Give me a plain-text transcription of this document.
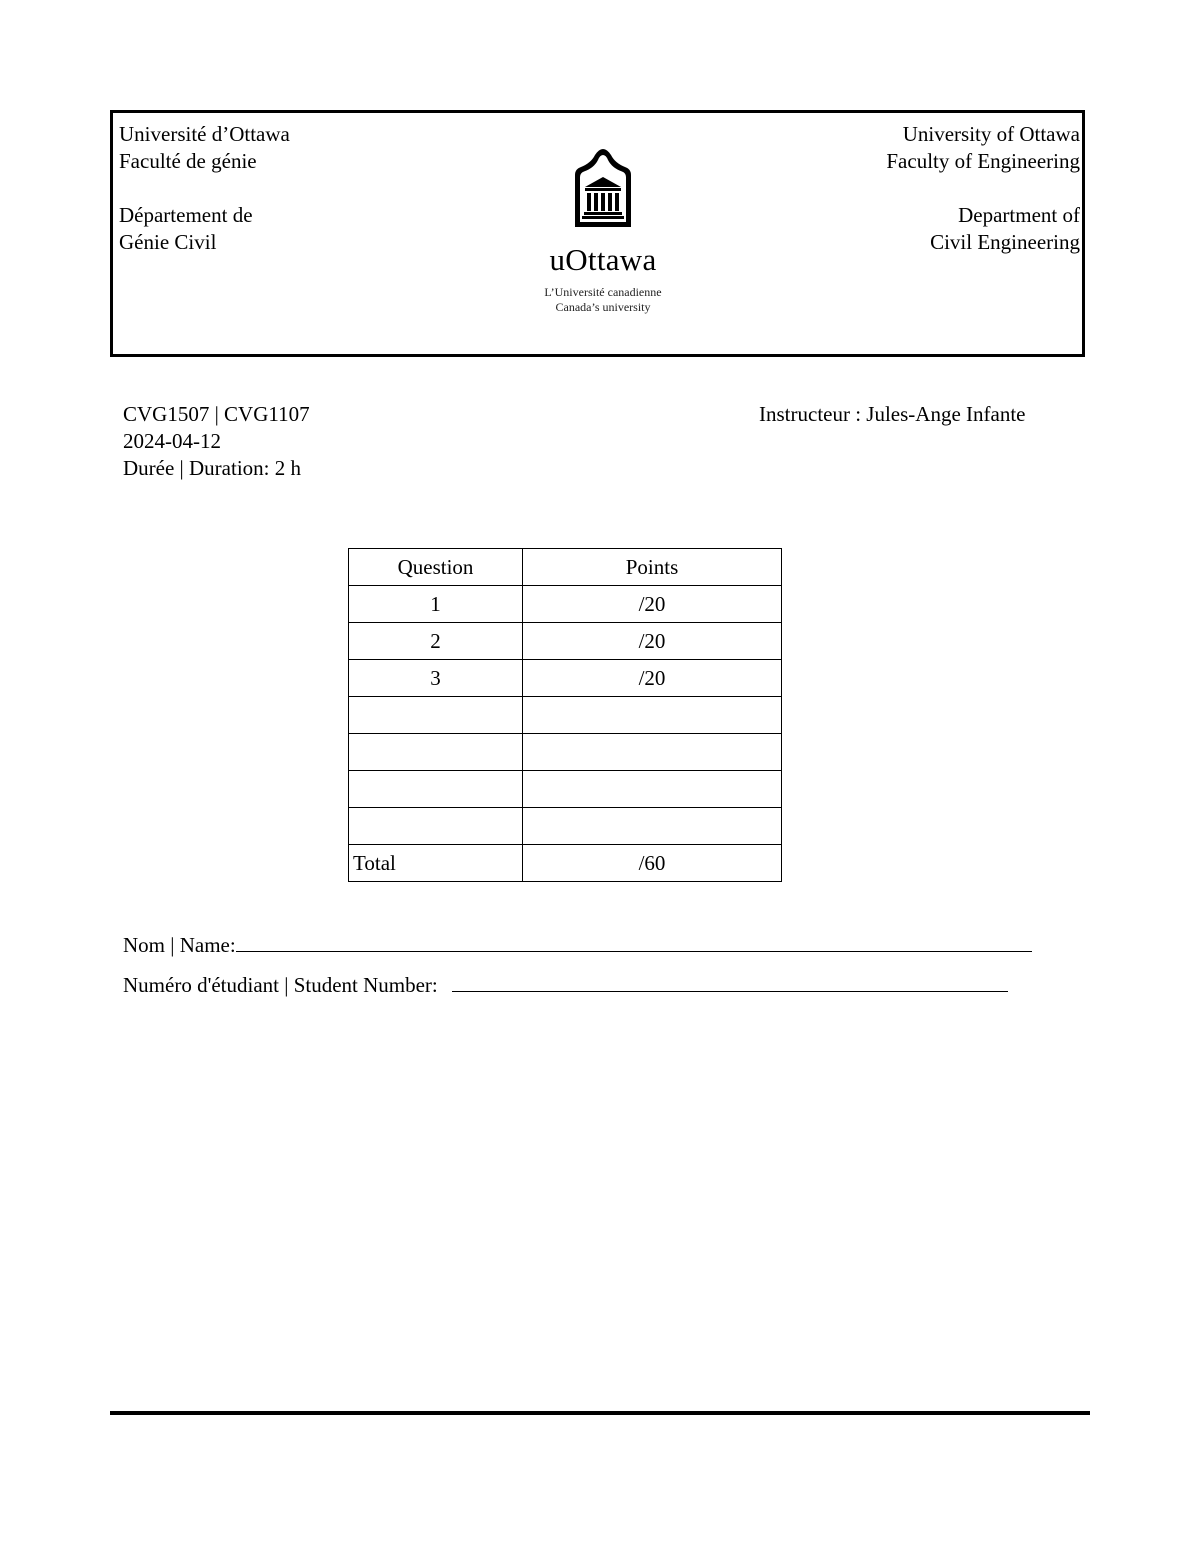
Université d’Ottawa
Faculté de génie
Département de
Génie Civil	uOttawa
L’Université canadienne
Canada’s university
University of Ottawa
Faculty of Engineering
Department of
Civil Engineering
CVG1507 | CVG1107
2024-04-12
Durée | Duration: 2 h
Instructeur : Jules-Ange Infante
Question	Points
1	/20
2	/20
3	/20

Total	/60
Nom | Name:
Numéro d'étudiant | Student Number:
